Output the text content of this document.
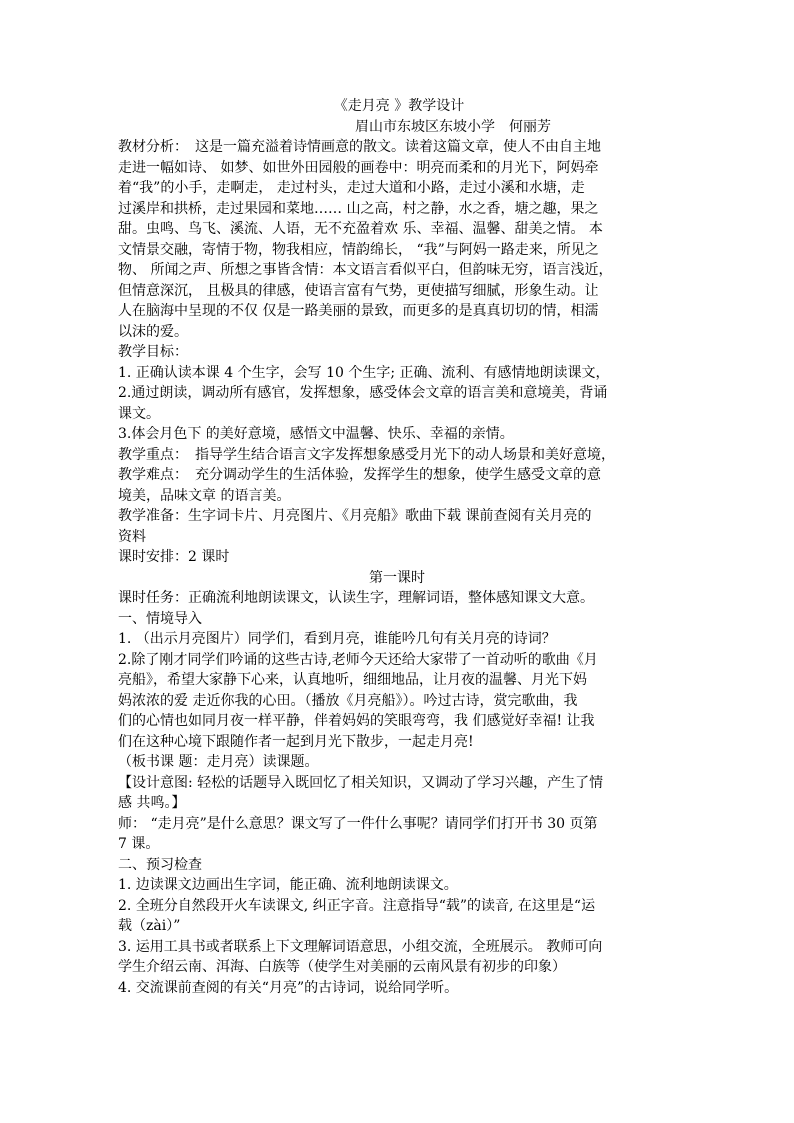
《走月亮 》教学设计
眉山市东坡区东坡小学　何丽芳
教材分析：　这是一篇充溢着诗情画意的散文。读着这篇文章，使人不由自主地
走进一幅如诗、 如梦、如世外田园般的画卷中：明亮而柔和的月光下，阿妈牵
着“我”的小手，走啊走， 走过村头，走过大道和小路，走过小溪和水塘，走
过溪岸和拱桥，走过果园和菜地…… 山之高，村之静，水之香，塘之趣，果之
甜。虫鸣、鸟飞、溪流、人语，无不充盈着欢 乐、幸福、温馨、甜美之情。 本
文情景交融，寄情于物，物我相应，情韵绵长， “我”与阿妈一路走来，所见之
物、 所闻之声、所想之事皆含情：本文语言看似平白，但韵味无穷，语言浅近，
但情意深沉， 且极具的律感，使语言富有气势，更使描写细腻，形象生动。让
人在脑海中呈现的不仅 仅是一路美丽的景致，而更多的是真真切切的情，相濡
以沫的爱。
教学目标：
1. 正确认读本课 4 个生字，会写 10 个生字; 正确、流利、有感情地朗读课文，
2.通过朗读，调动所有感官，发挥想象，感受体会文章的语言美和意境美，背诵
课文。
3.体会月色下 的美好意境，感悟文中温馨、快乐、幸福的亲情。
教学重点：　指导学生结合语言文字发挥想象感受月光下的动人场景和美好意境，
教学难点：　充分调动学生的生活体验，发挥学生的想象，使学生感受文章的意
境美，品味文章 的语言美。
教学准备：生字词卡片、月亮图片、《月亮船》歌曲下载 课前查阅有关月亮的
资料
课时安排：2 课时
第一课时
课时任务：正确流利地朗读课文，认读生字，理解词语，整体感知课文大意。
一、情境导入
1. （出示月亮图片）同学们，看到月亮，谁能吟几句有关月亮的诗词？
2.除了刚才同学们吟诵的这些古诗,老师今天还给大家带了一首动听的歌曲《月
亮船》，希望大家静下心来，认真地听，细细地品，让月夜的温馨、月光下妈
妈浓浓的爱 走近你我的心田。（播放《月亮船》）。吟过古诗，赏完歌曲，我
们的心情也如同月夜一样平静，伴着妈妈的笑眼弯弯，我 们感觉好幸福! 让我
们在这种心境下跟随作者一起到月光下散步，一起走月亮!
（板书课 题：走月亮）读课题。
【设计意图: 轻松的话题导入既回忆了相关知识，又调动了学习兴趣，产生了情
感 共鸣。】
师： “走月亮”是什么意思？课文写了一件什么事呢？请同学们打开书 30 页第
7 课。
二、预习检查
1. 边读课文边画出生字词，能正确、流利地朗读课文。
2. 全班分自然段开火车读课文, 纠正字音。注意指导“载”的读音, 在这里是“运
载（zài）”
3. 运用工具书或者联系上下文理解词语意思，小组交流，全班展示。 教师可向
学生介绍云南、洱海、白族等（使学生对美丽的云南风景有初步的印象）
4. 交流课前查阅的有关“月亮”的古诗词，说给同学听。
